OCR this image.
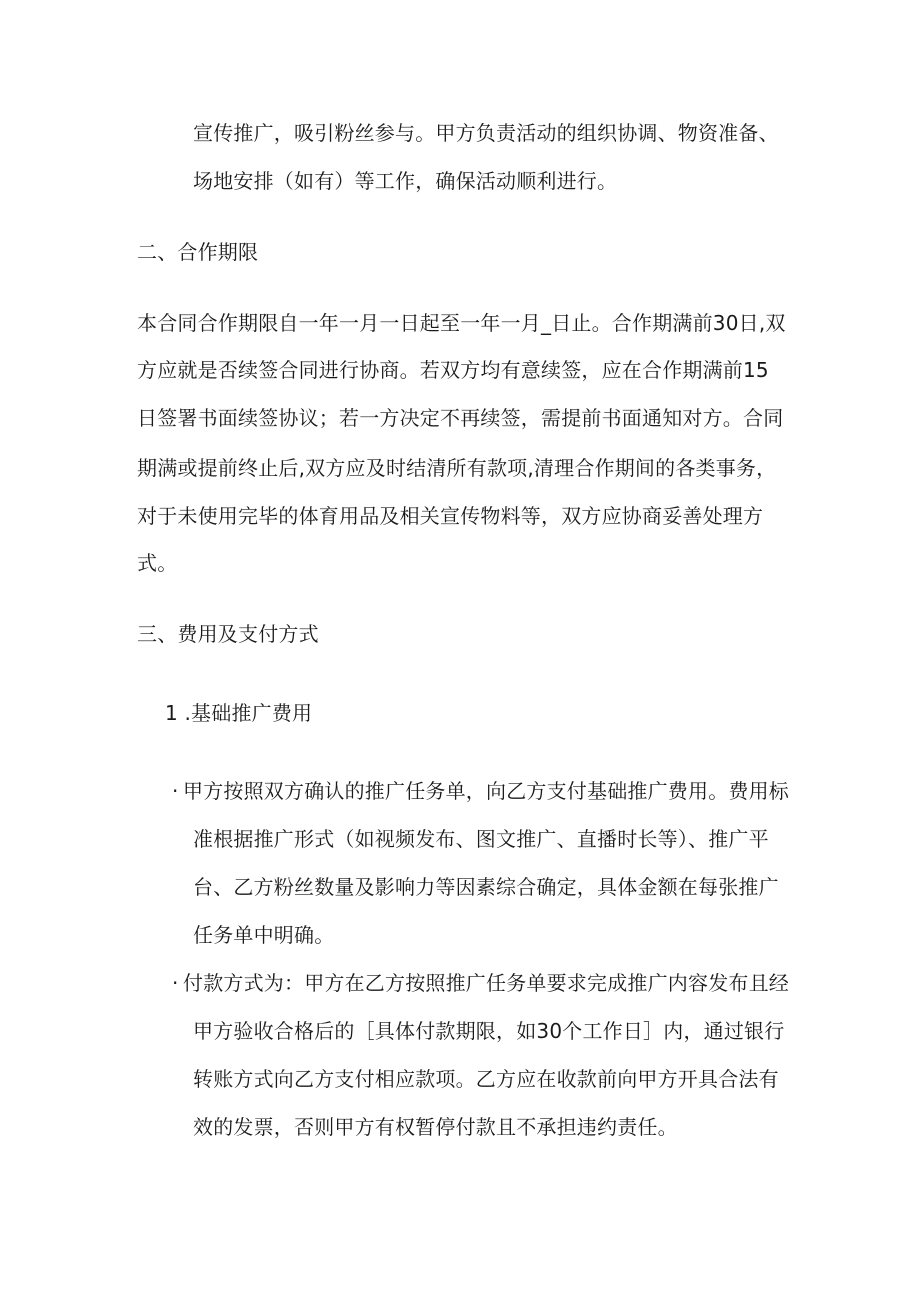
宣传推广，吸引粉丝参与。甲方负责活动的组织协调、物资准备、
场地安排（如有）等工作，确保活动顺利进行。
二、合作期限
本合同合作期限自一年一月一日起至一年一月_日止。合作期满前30日,双
方应就是否续签合同进行协商。若双方均有意续签，应在合作期满前15
日签署书面续签协议；若一方决定不再续签，需提前书面通知对方。合同
期满或提前终止后,双方应及时结清所有款项,清理合作期间的各类事务，
对于未使用完毕的体育用品及相关宣传物料等，双方应协商妥善处理方
式。
三、费用及支付方式
1 .基础推广费用
· 甲方按照双方确认的推广任务单，向乙方支付基础推广费用。费用标
准根据推广形式（如视频发布、图文推广、直播时长等）、推广平
台、乙方粉丝数量及影响力等因素综合确定，具体金额在每张推广
任务单中明确。
· 付款方式为：甲方在乙方按照推广任务单要求完成推广内容发布且经
甲方验收合格后的［具体付款期限，如30个工作日］内，通过银行
转账方式向乙方支付相应款项。乙方应在收款前向甲方开具合法有
效的发票，否则甲方有权暂停付款且不承担违约责任。
